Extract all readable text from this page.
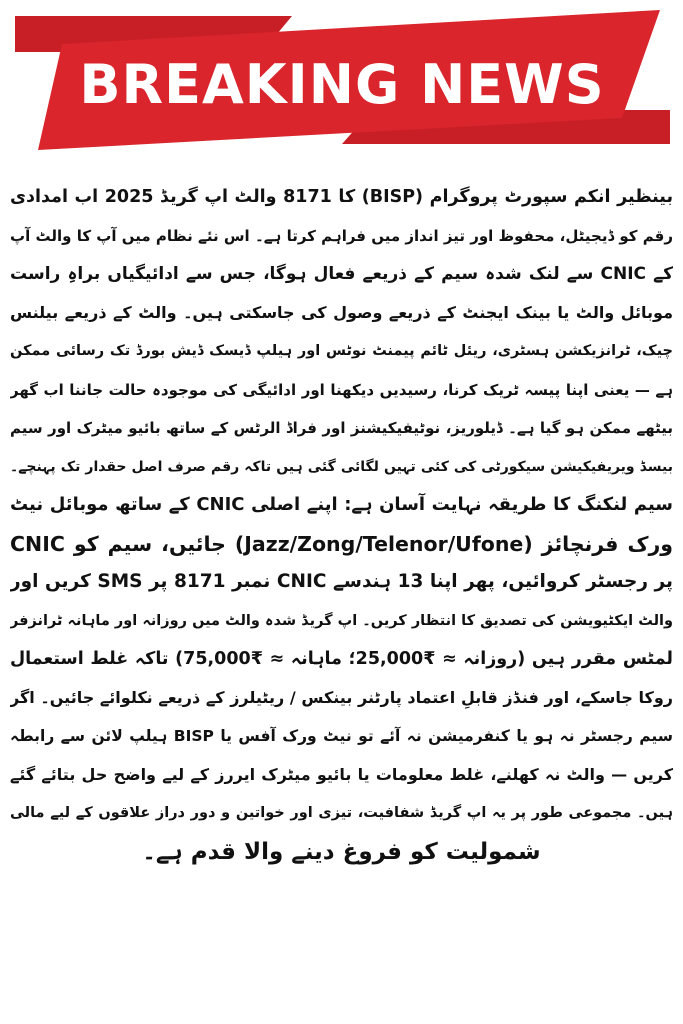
BREAKING NEWS
بینظیر انکم سپورٹ پروگرام (BISP) کا 8171 والٹ اپ گریڈ 2025 اب امدادی
رقم کو ڈیجیٹل، محفوظ اور تیز انداز میں فراہم کرتا ہے۔ اس نئے نظام میں آپ کا والٹ آپ
کے CNIC سے لنک شدہ سیم کے ذریعے فعال ہوگا، جس سے ادائیگیاں براہِ راست
موبائل والٹ یا بینک ایجنٹ کے ذریعے وصول کی جاسکتی ہیں۔ والٹ کے ذریعے بیلنس
چیک، ٹرانزیکشن ہسٹری، ریئل ٹائم پیمنٹ نوٹس اور ہیلپ ڈیسک ڈیش بورڈ تک رسائی ممکن
ہے — یعنی اپنا پیسہ ٹریک کرنا، رسیدیں دیکھنا اور ادائیگی کی موجودہ حالت جاننا اب گھر
بیٹھے ممکن ہو گیا ہے۔ ڈیلوریز، نوٹیفیکیشنز اور فراڈ الرٹس کے ساتھ بائیو میٹرک اور سیم
بیسڈ ویریفیکیشن سیکورٹی کی کئی تہیں لگائی گئی ہیں تاکہ رقم صرف اصل حقدار تک پہنچے۔
سیم لنکنگ کا طریقہ نہایت آسان ہے: اپنے اصلی CNIC کے ساتھ موبائل نیٹ
ورک فرنچائز (Jazz/Zong/Telenor/Ufone) جائیں، سیم کو CNIC
پر رجسٹر کروائیں، پھر اپنا 13 ہندسے CNIC نمبر 8171 پر SMS کریں اور
والٹ ایکٹیویشن کی تصدیق کا انتظار کریں۔ اپ گریڈ شدہ والٹ میں روزانہ اور ماہانہ ٹرانزفر
لمٹس مقرر ہیں (روزانہ ≈ ₹25,000؛ ماہانہ ≈ ₹75,000) تاکہ غلط استعمال
روکا جاسکے، اور فنڈز قابلِ اعتماد پارٹنر بینکس / ریٹیلرز کے ذریعے نکلوائے جائیں۔ اگر
سیم رجسٹر نہ ہو یا کنفرمیشن نہ آئے تو نیٹ ورک آفس یا BISP ہیلپ لائن سے رابطہ
کریں — والٹ نہ کھلنے، غلط معلومات یا بائیو میٹرک ایررز کے لیے واضح حل بتائے گئے
ہیں۔ مجموعی طور پر یہ اپ گریڈ شفافیت، تیزی اور خواتین و دور دراز علاقوں کے لیے مالی
شمولیت کو فروغ دینے والا قدم ہے۔
